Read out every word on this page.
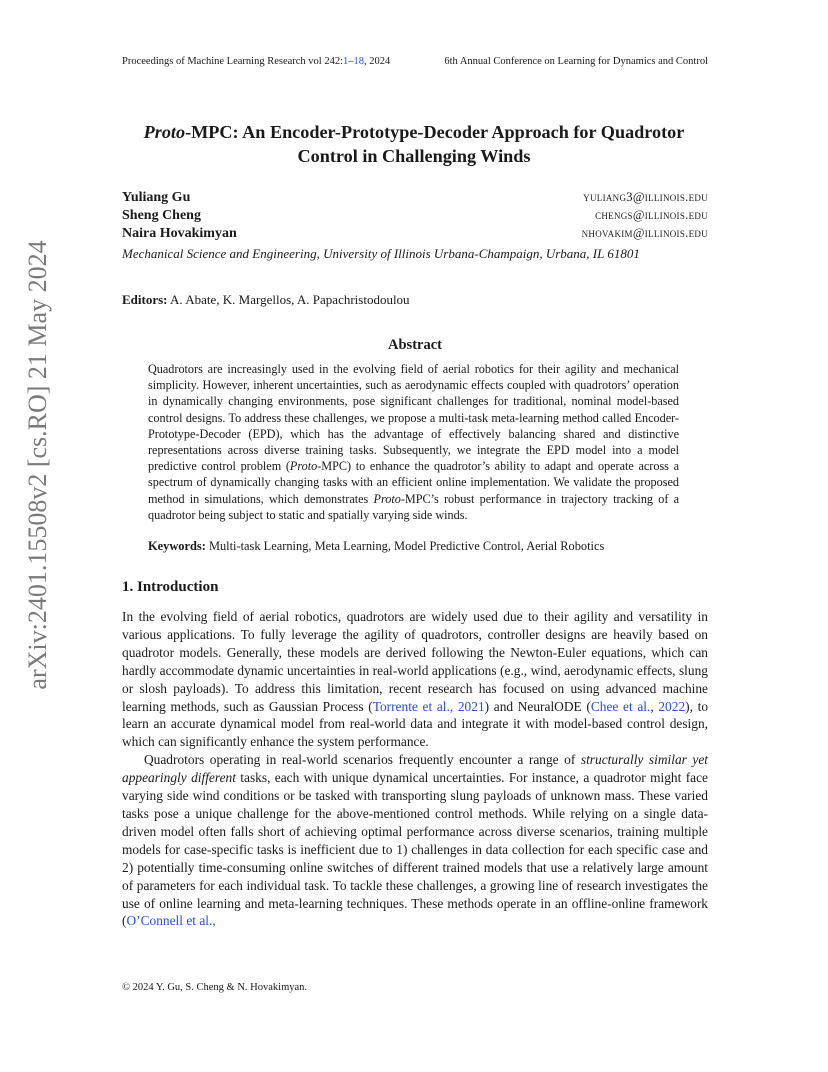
arXiv:2401.15508v2 [cs.RO] 21 May 2024
Proceedings of Machine Learning Research vol 242:1–18, 2024	6th Annual Conference on Learning for Dynamics and Control
Proto-MPC: An Encoder-Prototype-Decoder Approach for Quadrotor
Control in Challenging Winds
Yuliang Gu	yuliang3@illinois.edu
Sheng Cheng	chengs@illinois.edu
Naira Hovakimyan	nhovakim@illinois.edu
Mechanical Science and Engineering, University of Illinois Urbana-Champaign, Urbana, IL 61801
Editors: A. Abate, K. Margellos, A. Papachristodoulou
Abstract
Quadrotors are increasingly used in the evolving field of aerial robotics for their agility and mechanical simplicity. However, inherent uncertainties, such as aerodynamic effects coupled with quadrotors’ operation in dynamically changing environments, pose significant challenges for traditional, nominal model-based control designs. To address these challenges, we propose a multi-task meta-learning method called Encoder-Prototype-Decoder (EPD), which has the advantage of effectively balancing shared and distinctive representations across diverse training tasks. Subsequently, we integrate the EPD model into a model predictive control problem (Proto-MPC) to enhance the quadrotor’s ability to adapt and operate across a spectrum of dynamically changing tasks with an efficient online implementation. We validate the proposed method in simulations, which demonstrates Proto-MPC’s robust performance in trajectory tracking of a quadrotor being subject to static and spatially varying side winds.
Keywords: Multi-task Learning, Meta Learning, Model Predictive Control, Aerial Robotics
1. Introduction

In the evolving field of aerial robotics, quadrotors are widely used due to their agility and versatility in various applications. To fully leverage the agility of quadrotors, controller designs are heavily based on quadrotor models. Generally, these models are derived following the Newton-Euler equations, which can hardly accommodate dynamic uncertainties in real-world applications (e.g., wind, aerodynamic effects, slung or slosh payloads). To address this limitation, recent research has focused on using advanced machine learning methods, such as Gaussian Process (Torrente et al., 2021) and NeuralODE (Chee et al., 2022), to learn an accurate dynamical model from real-world data and integrate it with model-based control design, which can significantly enhance the system performance.

Quadrotors operating in real-world scenarios frequently encounter a range of structurally similar yet appearingly different tasks, each with unique dynamical uncertainties. For instance, a quadrotor might face varying side wind conditions or be tasked with transporting slung payloads of unknown mass. These varied tasks pose a unique challenge for the above-mentioned control methods. While relying on a single data-driven model often falls short of achieving optimal performance across diverse scenarios, training multiple models for case-specific tasks is inefficient due to 1) challenges in data collection for each specific case and 2) potentially time-consuming online switches of different trained models that use a relatively large amount of parameters for each individual task. To tackle these challenges, a growing line of research investigates the use of online learning and meta-learning techniques. These methods operate in an offline-online framework (O’Connell et al.,

© 2024 Y. Gu, S. Cheng & N. Hovakimyan.
